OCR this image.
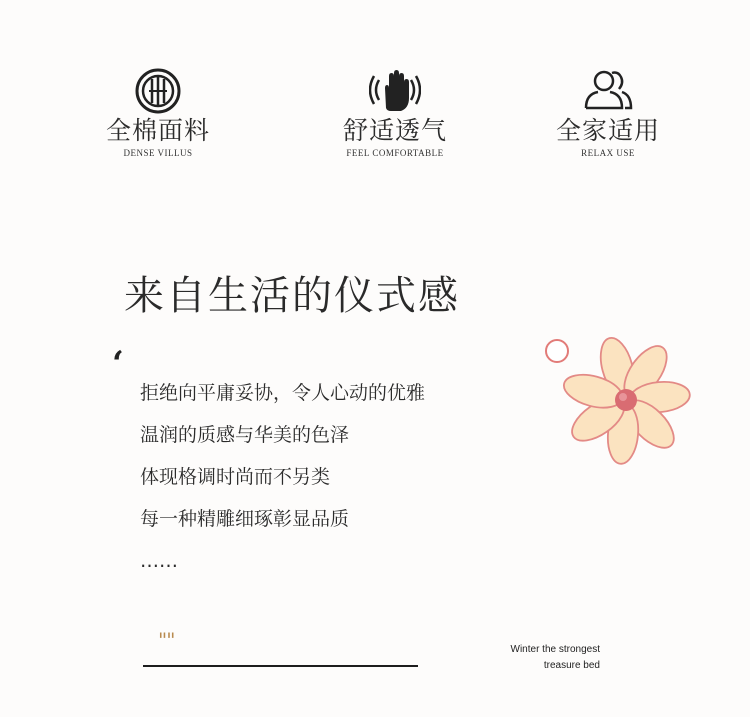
全棉面料
DENSE VILLUS
舒适透气
FEEL COMFORTABLE
全家适用
RELAX USE
来自生活的仪式感
‘
拒绝向平庸妥协，令人心动的优雅
温润的质感与华美的色泽
体现格调时尚而不另类
每一种精雕细琢彰显品质
……
""	Winter the strongest
treasure bed
